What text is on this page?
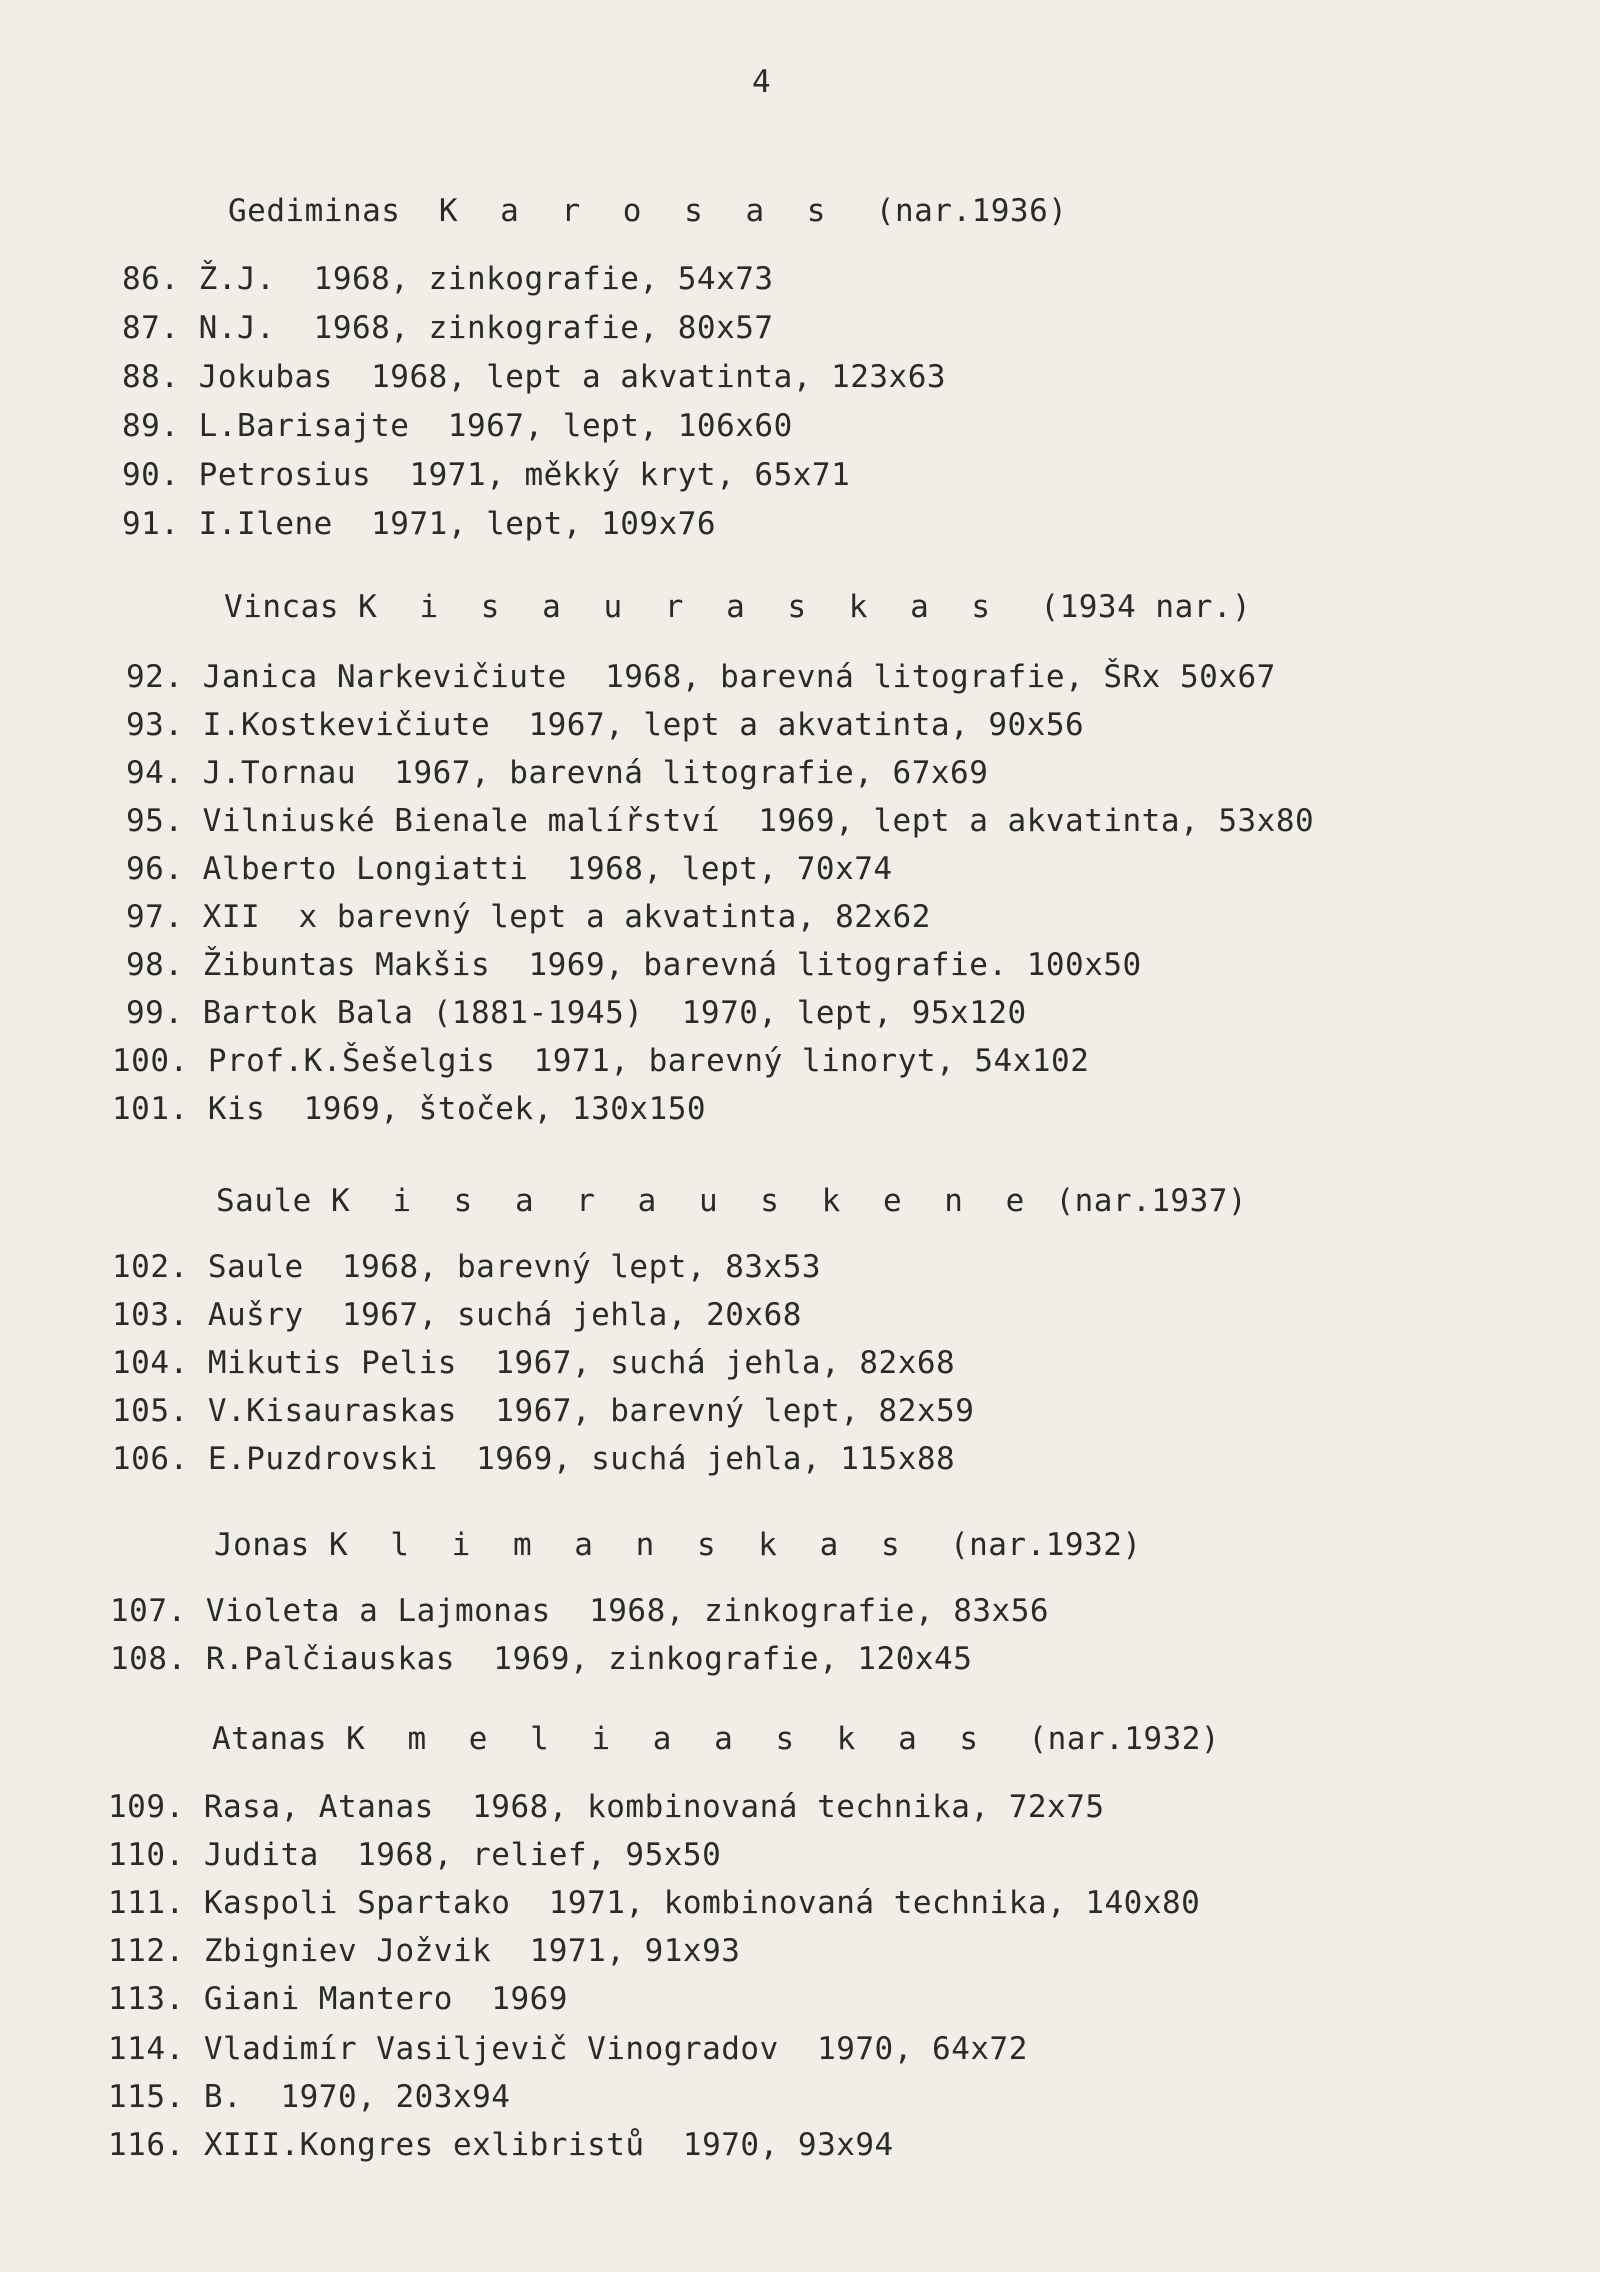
4
Gediminas K a r o s a s (nar.1936)
86. Ž.J.  1968, zinkografie, 54x73
87. N.J.  1968, zinkografie, 80x57
88. Jokubas  1968, lept a akvatinta, 123x63
89. L.Barisajte  1967, lept, 106x60
90. Petrosius  1971, měkký kryt, 65x71
91. I.Ilene  1971, lept, 109x76
Vincas K i s a u r a s k a s (1934 nar.)
92. Janica Narkevičiute  1968, barevná litografie, ŠRx 50x67
93. I.Kostkevičiute  1967, lept a akvatinta, 90x56
94. J.Tornau  1967, barevná litografie, 67x69
95. Vilniuské Bienale malířství  1969, lept a akvatinta, 53x80
96. Alberto Longiatti  1968, lept, 70x74
97. XII  x barevný lept a akvatinta, 82x62
98. Žibuntas Makšis  1969, barevná litografie. 100x50
99. Bartok Bala (1881-1945)  1970, lept, 95x120
100. Prof.K.Šešelgis  1971, barevný linoryt, 54x102
101. Kis  1969, štoček, 130x150
Saule K i s a r a u s k e n e (nar.1937)
102. Saule  1968, barevný lept, 83x53
103. Aušry  1967, suchá jehla, 20x68
104. Mikutis Pelis  1967, suchá jehla, 82x68
105. V.Kisauraskas  1967, barevný lept, 82x59
106. E.Puzdrovski  1969, suchá jehla, 115x88
Jonas K l i m a n s k a s (nar.1932)
107. Violeta a Lajmonas  1968, zinkografie, 83x56
108. R.Palčiauskas  1969, zinkografie, 120x45
Atanas K m e l i a a s k a s (nar.1932)
109. Rasa, Atanas  1968, kombinovaná technika, 72x75
110. Judita  1968, relief, 95x50
111. Kaspoli Spartako  1971, kombinovaná technika, 140x80
112. Zbigniev Jožvik  1971, 91x93
113. Giani Mantero  1969
114. Vladimír Vasiljevič Vinogradov  1970, 64x72
115. B.  1970, 203x94
116. XIII.Kongres exlibristů  1970, 93x94
